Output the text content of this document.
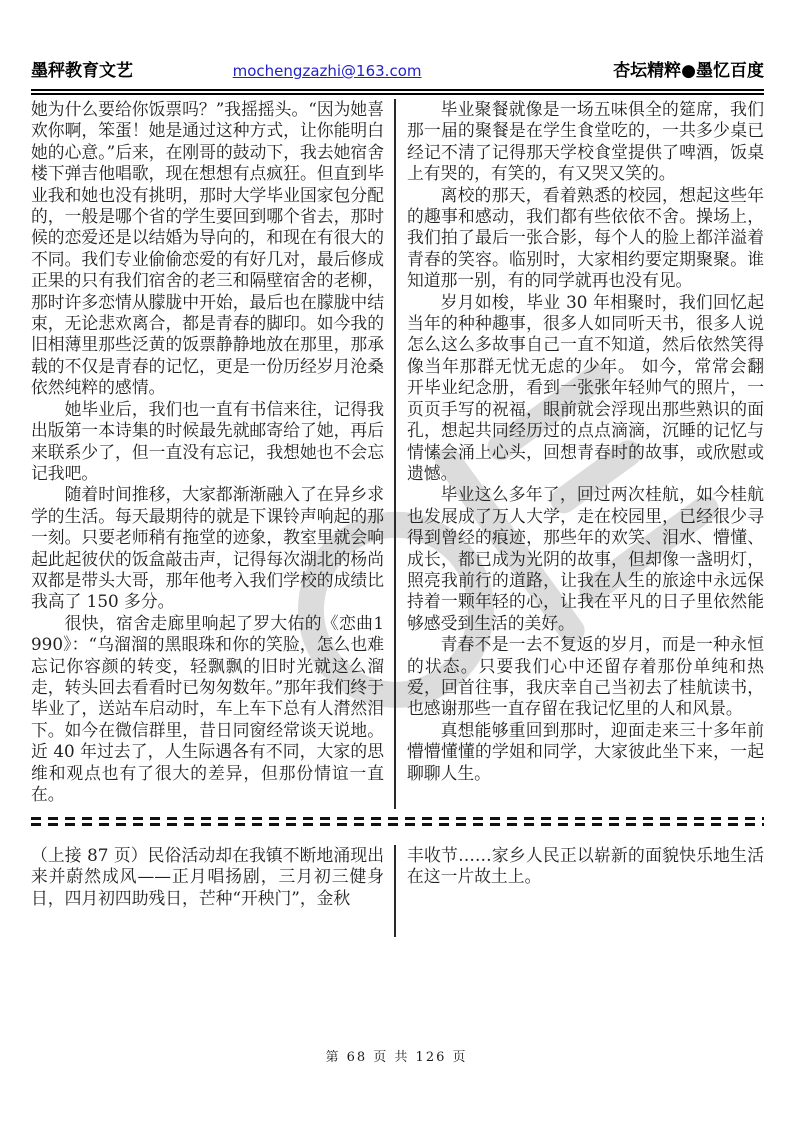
墨秤教育文艺	mochengzazhi@163.com	杏坛精粹●墨忆百度

她为什么要给你饭票吗？”我摇摇头。“因为她喜欢你啊，笨蛋！她是通过这种方式，让你能明白她的心意。”后来，在刚哥的鼓动下，我去她宿舍楼下弹吉他唱歌，现在想想有点疯狂。但直到毕业我和她也没有挑明，那时大学毕业国家包分配的，一般是哪个省的学生要回到哪个省去，那时候的恋爱还是以结婚为导向的，和现在有很大的不同。我们专业偷偷恋爱的有好几对，最后修成正果的只有我们宿舍的老三和隔壁宿舍的老柳，那时许多恋情从朦胧中开始，最后也在朦胧中结束，无论悲欢离合，都是青春的脚印。如今我的旧相薄里那些泛黄的饭票静静地放在那里，那承载的不仅是青春的记忆，更是一份历经岁月沧桑依然纯粹的感情。

她毕业后，我们也一直有书信来往，记得我出版第一本诗集的时候最先就邮寄给了她，再后来联系少了，但一直没有忘记，我想她也不会忘记我吧。

随着时间推移，大家都渐渐融入了在异乡求学的生活。每天最期待的就是下课铃声响起的那一刻。只要老师稍有拖堂的迹象，教室里就会响起此起彼伏的饭盒敲击声，记得每次湖北的杨尚双都是带头大哥，那年他考入我们学校的成绩比我高了 150 多分。

很快，宿舍走廊里响起了罗大佑的《恋曲1990》：“乌溜溜的黑眼珠和你的笑脸，怎么也难忘记你容颜的转变，轻飘飘的旧时光就这么溜走，转头回去看看时已匆匆数年。”那年我们终于毕业了，送站车启动时，车上车下总有人潸然泪下。如今在微信群里，昔日同窗经常谈天说地。近 40 年过去了，人生际遇各有不同，大家的思维和观点也有了很大的差异，但那份情谊一直在。

毕业聚餐就像是一场五味俱全的筵席，我们那一届的聚餐是在学生食堂吃的，一共多少桌已经记不清了记得那天学校食堂提供了啤酒，饭桌上有哭的，有笑的，有又哭又笑的。

离校的那天，看着熟悉的校园，想起这些年的趣事和感动，我们都有些依依不舍。操场上，我们拍了最后一张合影，每个人的脸上都洋溢着青春的笑容。临别时，大家相约要定期聚聚。谁知道那一别，有的同学就再也没有见。

岁月如梭，毕业 30 年相聚时，我们回忆起当年的种种趣事，很多人如同听天书，很多人说怎么这么多故事自己一直不知道，然后依然笑得像当年那群无忧无虑的少年。 如今，常常会翻开毕业纪念册，看到一张张年轻帅气的照片，一页页手写的祝福，眼前就会浮现出那些熟识的面孔，想起共同经历过的点点滴滴，沉睡的记忆与情愫会涌上心头，回想青春时的故事，或欣慰或遗憾。

毕业这么多年了，回过两次桂航，如今桂航也发展成了万人大学，走在校园里，已经很少寻得到曾经的痕迹，那些年的欢笑、泪水、懵懂、成长，都已成为光阴的故事，但却像一盏明灯，照亮我前行的道路，让我在人生的旅途中永远保持着一颗年轻的心，让我在平凡的日子里依然能够感受到生活的美好。

青春不是一去不复返的岁月，而是一种永恒的状态。只要我们心中还留存着那份单纯和热爱，回首往事，我庆幸自己当初去了桂航读书，也感谢那些一直存留在我记忆里的人和风景。

真想能够重回到那时，迎面走来三十多年前懵懵懂懂的学姐和同学，大家彼此坐下来，一起聊聊人生。

（上接 87 页）民俗活动却在我镇不断地涌现出来并蔚然成风——正月唱扬剧，三月初三健身日，四月初四助残日，芒种“开秧门”，金秋

丰收节……家乡人民正以崭新的面貌快乐地生活在这一片故土上。

第 68 页 共 126 页
